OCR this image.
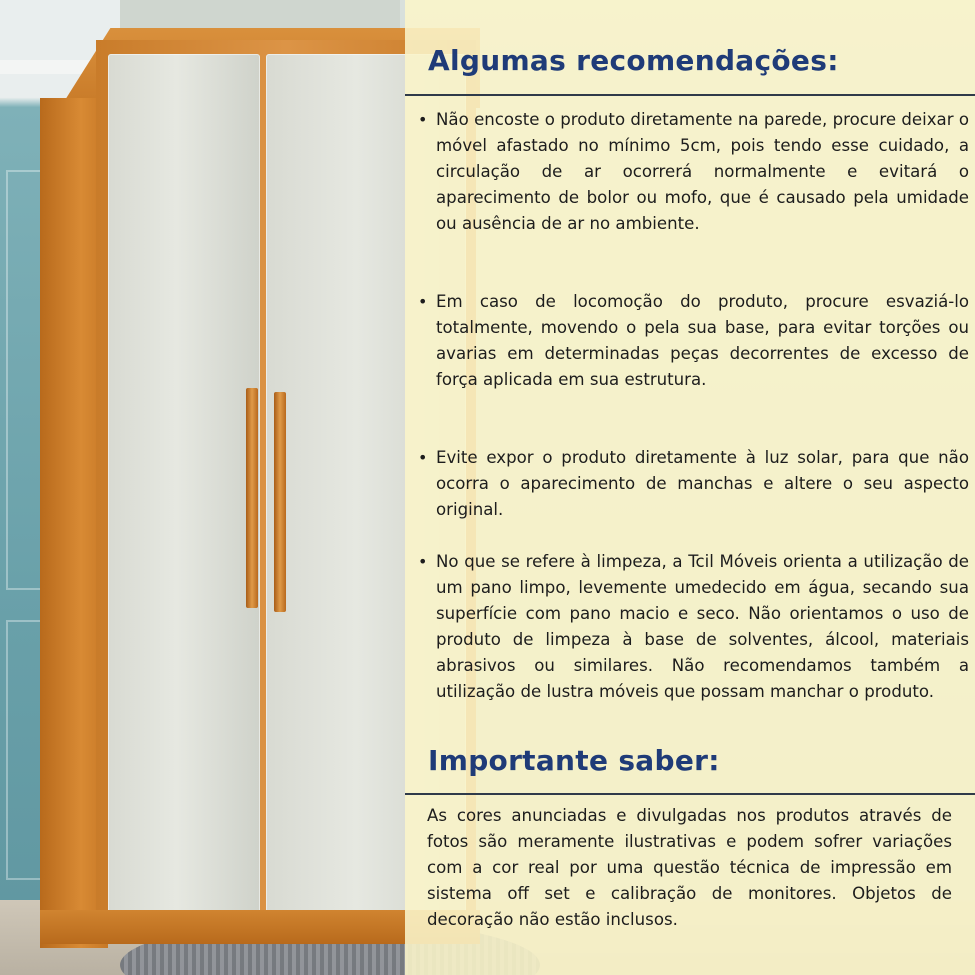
Algumas recomendações:
• Não encoste o produto diretamente na parede, procure deixar o móvel afastado no mínimo 5cm, pois tendo esse cuidado, a circulação de ar ocorrerá normalmente e evitará o aparecimento de bolor ou mofo, que é causado pela umidade ou ausência de ar no ambiente.
• Em caso de locomoção do produto, procure esvaziá-lo totalmente, movendo o pela sua base, para evitar torções ou avarias em determinadas peças decorrentes de excesso de força aplicada em sua estrutura.
• Evite expor o produto diretamente à luz solar, para que não ocorra o aparecimento de manchas e altere o seu aspecto original.
• No que se refere à limpeza, a Tcil Móveis orienta a utilização de um pano limpo, levemente umedecido em água, secando sua superfície com pano macio e seco. Não orientamos o uso de produto de limpeza à base de solventes, álcool, materiais abrasivos ou similares. Não recomendamos também a utilização de lustra móveis que possam manchar o produto.
Importante saber:
As cores anunciadas e divulgadas nos produtos através de fotos são meramente ilustrativas e podem sofrer variações com a cor real por uma questão técnica de impressão em sistema off set e calibração de monitores. Objetos de decoração não estão inclusos.
